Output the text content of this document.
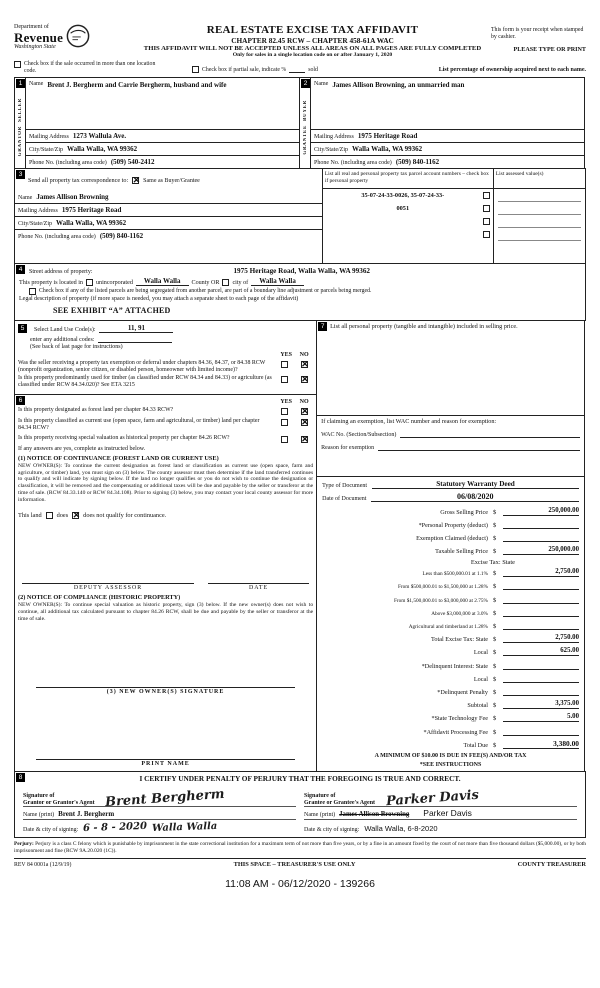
Department of
Revenue
Washington State
REAL ESTATE EXCISE TAX AFFIDAVIT
CHAPTER 82.45 RCW – CHAPTER 458-61A WAC
THIS AFFIDAVIT WILL NOT BE ACCEPTED UNLESS ALL AREAS ON ALL PAGES ARE FULLY COMPLETED
Only for sales in a single location code on or after January 1, 2020
This form is your receipt when stamped by cashier.
PLEASE TYPE OR PRINT
Check box if the sale occurred in more than one location code.	Check box if partial sale, indicate %	sold	List percentage of ownership acquired next to each name.
1
SELLER
GRANTOR
Name Brent J. Bergherm and Carrie Bergherm, husband and wife
Mailing Address 1273 Wallula Ave.
City/State/Zip Walla Walla, WA 99362
Phone No. (including area code) (509) 540-2412
2
BUYER
GRANTEE
Name James Allison Browning, an unmarried man
Mailing Address 1975 Heritage Road
City/State/Zip Walla Walla, WA 99362
Phone No. (including area code) (509) 840-1162
3
Send all property tax correspondence to: ✕	Same as Buyer/Grantee
Name James Allison Browning
Mailing Address 1975 Heritage Road
City/State/Zip Walla Walla, WA 99362
Phone No. (including area code) (509) 840-1162
List all real and personal property tax parcel account numbers – check box if personal property
35-07-24-33-0026, 35-07-24-33-
0051
List assessed value(s)
4	Street address of property:	1975 Heritage Road, Walla Walla, WA 99362
This property is located in unincorporated	Walla Walla	County OR city of	Walla Walla
Check box if any of the listed parcels are being segregated from another parcel, are part of a boundary line adjustment or parcels being merged.
Legal description of property (if more space is needed, you may attach a separate sheet to each page of the affidavit)
SEE EXHIBIT “A” ATTACHED
5	Select Land Use Code(s):	11, 91
enter any additional codes:
(See back of last page for instructions)
YES	NO
Was the seller receiving a property tax exemption or deferral under chapters 84.36, 84.37, or 84.38 RCW (nonprofit organization, senior citizen, or disabled person, homeowner with limited income)?
✕
Is this property predominantly used for timber (as classified under RCW 84.34 and 84.33) or agriculture (as classified under RCW 84.34.020)? See ETA 3215
✕
6	YES	NO
Is this property designated as forest land per chapter 84.33 RCW?
✕
Is this property classified as current use (open space, farm and agricultural, or timber) land per chapter 84.34 RCW?
✕
Is this property receiving special valuation as historical property per chapter 84.26 RCW?
✕
If any answers are yes, complete as instructed below.
(1) NOTICE OF CONTINUANCE (FOREST LAND OR CURRENT USE)
NEW OWNER(S): To continue the current designation as forest land or classification as current use (open space, farm and agriculture, or timber) land, you must sign on (3) below. The county assessor must then determine if the land transferred continues to qualify and will indicate by signing below. If the land no longer qualifies or you do not wish to continue the designation or classification, it will be removed and the compensating or additional taxes will be due and payable by the seller or transferor at the time of sale. (RCW 84.33.140 or RCW 84.34.108). Prior to signing (3) below, you may contact your local county assessor for more information.
This land does ✕ does not qualify for continuance.
DEPUTY ASSESSOR	DATE
(2) NOTICE OF COMPLIANCE (HISTORIC PROPERTY)
NEW OWNER(S): To continue special valuation as historic property, sign (3) below. If the new owner(s) does not wish to continue, all additional tax calculated pursuant to chapter 84.26 RCW, shall be due and payable by the seller or transferor at the time of sale.
(3) NEW OWNER(S) SIGNATURE
PRINT NAME
7 List all personal property (tangible and intangible) included in selling price.
If claiming an exemption, list WAC number and reason for exemption:
WAC No. (Section/Subsection)
Reason for exemption
Type of Document	Statutory Warranty Deed
Date of Document	06/08/2020
Gross Selling Price $	250,000.00
*Personal Property (deduct) $
Exemption Claimed (deduct) $
Taxable Selling Price $	250,000.00
Excise Tax: State
Less than $500,000.01 at 1.1% $	2,750.00
From $500,000.01 to $1,500,000 at 1.28% $
From $1,500,000.01 to $3,000,000 at 2.75% $
Above $3,000,000 at 3.0% $
Agricultural and timberland at 1.28% $
Total Excise Tax: State $	2,750.00
Local $	625.00
*Delinquent Interest: State $
Local $
*Delinquent Penalty $
Subtotal $	3,375.00
*State Technology Fee $	5.00
*Affidavit Processing Fee $
Total Due $	3,380.00
A MINIMUM OF $10.00 IS DUE IN FEE(S) AND/OR TAX
*SEE INSTRUCTIONS
8	I CERTIFY UNDER PENALTY OF PERJURY THAT THE FOREGOING IS TRUE AND CORRECT.
Signature of
Grantor or Grantor's Agent Brent Bergherm
Name (print) Brent J. Bergherm
Date & city of signing: 6 - 8 - 2020 Walla Walla
Signature of
Grantee or Grantee's Agent Parker Davis
Name (print) James Allison Browning Parker Davis
Date & city of signing: Walla Walla, 6-8-2020
Perjury: Perjury is a class C felony which is punishable by imprisonment in the state correctional institution for a maximum term of not more than five years, or by a fine in an amount fixed by the court of not more than five thousand dollars ($5,000.00), or by both imprisonment and fine (RCW 9A.20.020 (1C)).
REV 84 0001a (12/9/19)	THIS SPACE – TREASURER'S USE ONLY	COUNTY TREASURER
11:08 AM - 06/12/2020 - 139266
